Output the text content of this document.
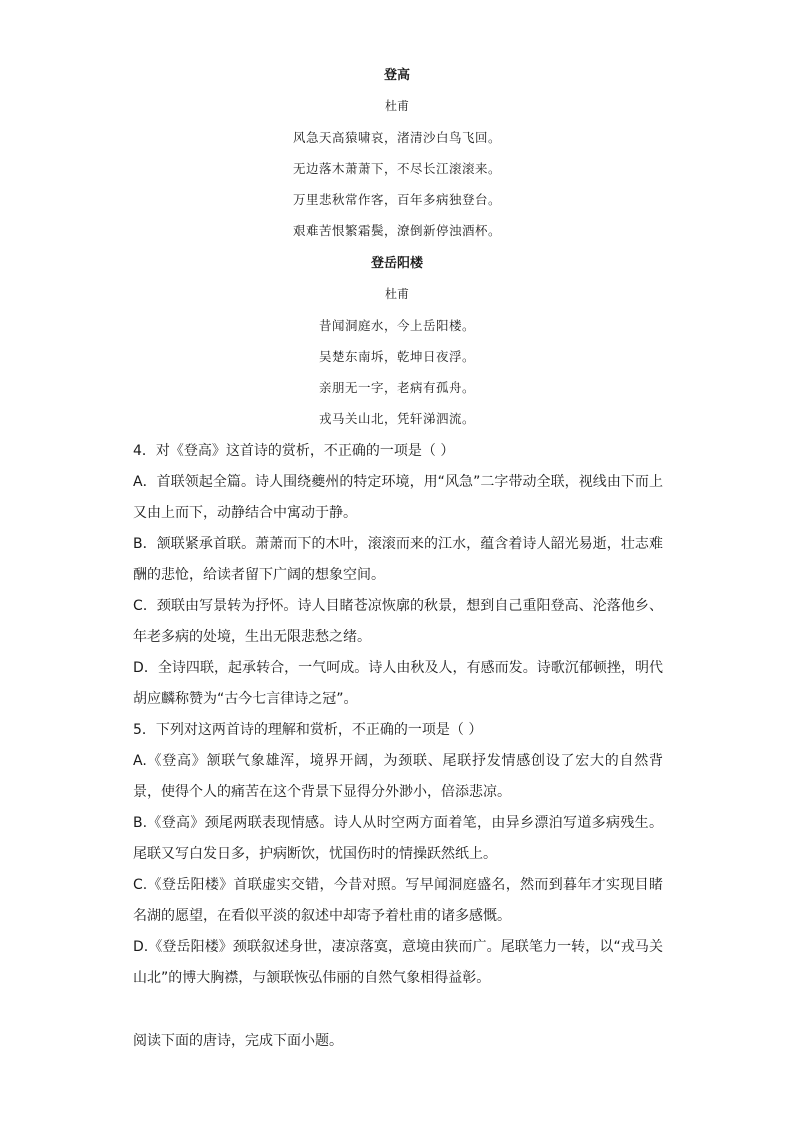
登高

杜甫

风急天高猿啸哀，渚清沙白鸟飞回。

无边落木萧萧下，不尽长江滚滚来。

万里悲秋常作客，百年多病独登台。

艰难苦恨繁霜鬓，潦倒新停浊酒杯。

登岳阳楼

杜甫

昔闻洞庭水，今上岳阳楼。

吴楚东南坼，乾坤日夜浮。

亲朋无一字，老病有孤舟。

戎马关山北，凭轩涕泗流。

4．对《登高》这首诗的赏析，不正确的一项是（ ）

A．首联领起全篇。诗人围绕夔州的特定环境，用“风急”二字带动全联，视线由下而上又由上而下，动静结合中寓动于静。

B．颔联紧承首联。萧萧而下的木叶，滚滚而来的江水，蕴含着诗人韶光易逝，壮志难酬的悲怆，给读者留下广阔的想象空间。

C．颈联由写景转为抒怀。诗人目睹苍凉恢廓的秋景，想到自己重阳登高、沦落他乡、年老多病的处境，生出无限悲愁之绪。

D．全诗四联，起承转合，一气呵成。诗人由秋及人，有感而发。诗歌沉郁顿挫，明代胡应麟称赞为“古今七言律诗之冠”。

5．下列对这两首诗的理解和赏析，不正确的一项是（ ）

A.《登高》颔联气象雄浑，境界开阔，为颈联、尾联抒发情感创设了宏大的自然背景，使得个人的痛苦在这个背景下显得分外渺小，倍添悲凉。

B.《登高》颈尾两联表现情感。诗人从时空两方面着笔，由异乡漂泊写道多病残生。尾联又写白发日多，护病断饮，忧国伤时的情操跃然纸上。

C.《登岳阳楼》首联虚实交错，今昔对照。写早闻洞庭盛名，然而到暮年才实现目睹名湖的愿望，在看似平淡的叙述中却寄予着杜甫的诸多感慨。

D.《登岳阳楼》颈联叙述身世，凄凉落寞，意境由狭而广。尾联笔力一转，以“戎马关山北”的博大胸襟，与颔联恢弘伟丽的自然气象相得益彰。

阅读下面的唐诗，完成下面小题。
